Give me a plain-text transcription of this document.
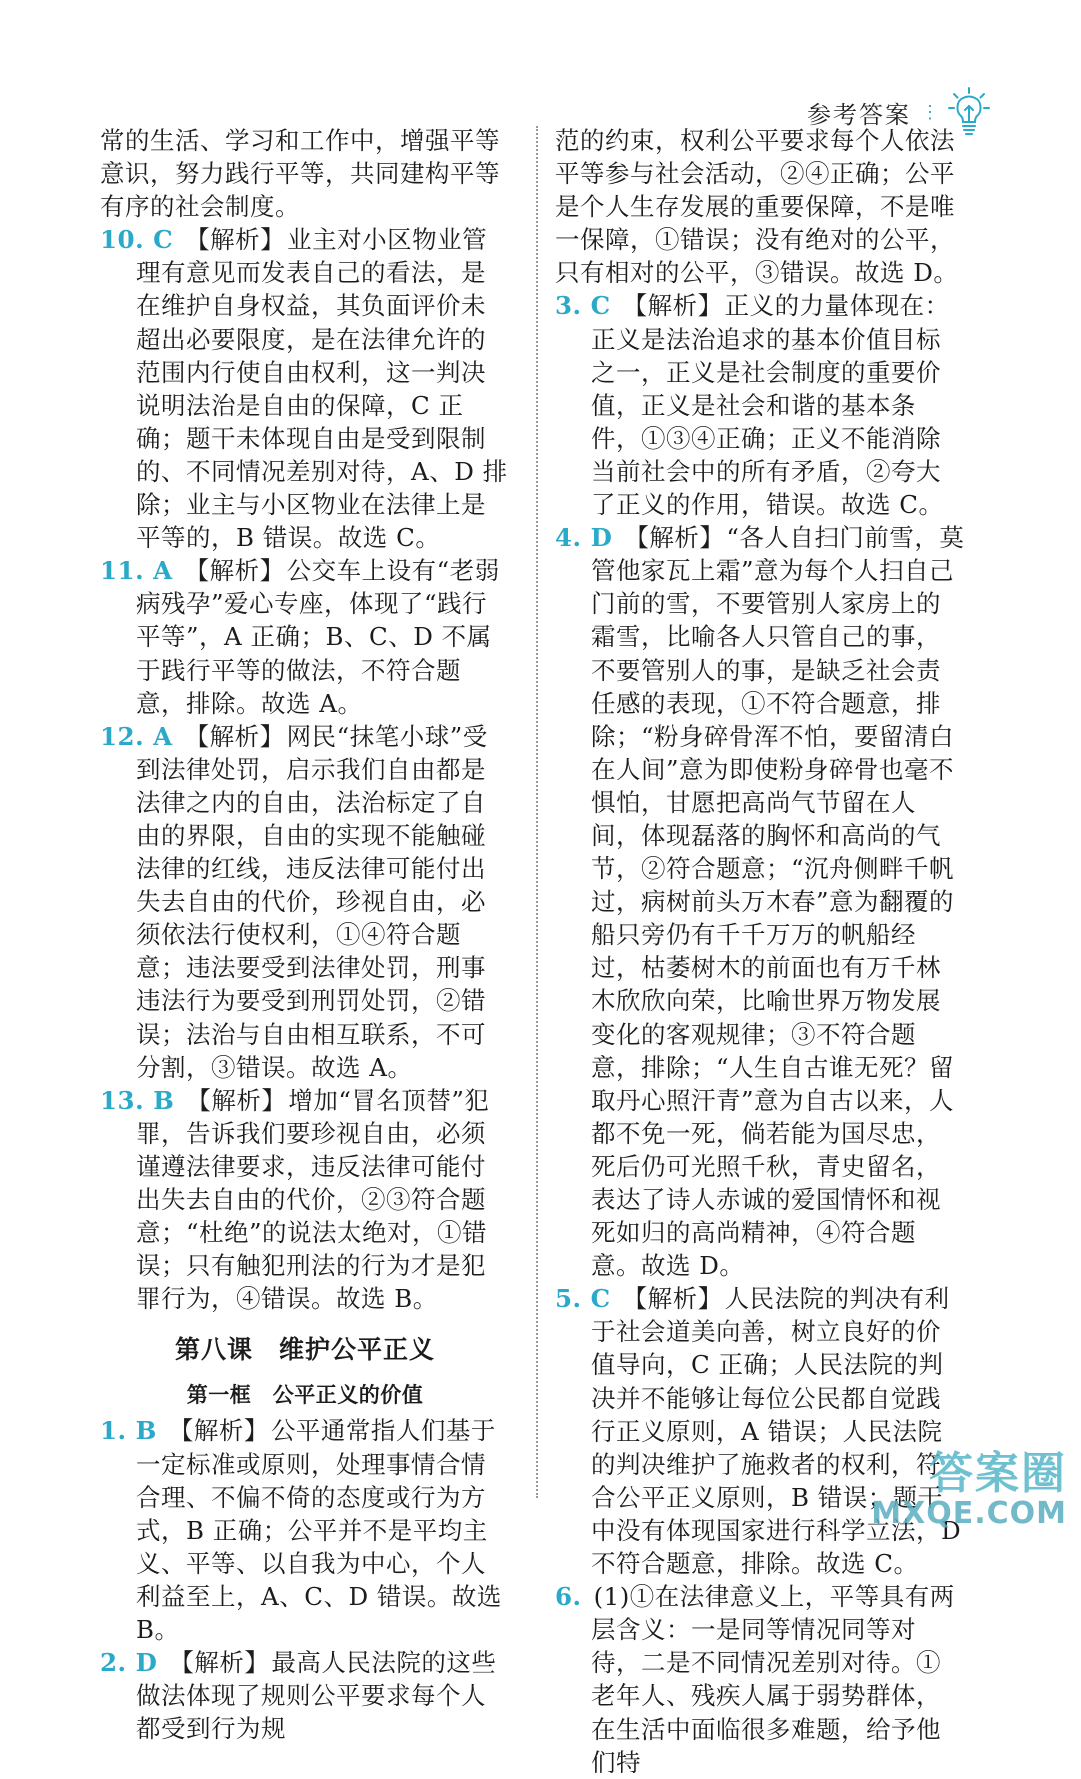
参考答案 ⋮

常的生活、学习和工作中，增强平等意识，努力践行平等，共同建构平等有序的社会制度。

10. C 【解析】业主对小区物业管理有意见而发表自己的看法，是在维护自身权益，其负面评价未超出必要限度，是在法律允许的范围内行使自由权利，这一判决说明法治是自由的保障，C 正确；题干未体现自由是受到限制的、不同情况差别对待，A、D 排除；业主与小区物业在法律上是平等的，B 错误。故选 C。

11. A 【解析】公交车上设有“老弱病残孕”爱心专座，体现了“践行平等”，A 正确；B、C、D 不属于践行平等的做法，不符合题意，排除。故选 A。

12. A 【解析】网民“抹笔小球”受到法律处罚，启示我们自由都是法律之内的自由，法治标定了自由的界限，自由的实现不能触碰法律的红线，违反法律可能付出失去自由的代价，珍视自由，必须依法行使权利，①④符合题意；违法要受到法律处罚，刑事违法行为要受到刑罚处罚，②错误；法治与自由相互联系，不可分割，③错误。故选 A。

13. B 【解析】增加“冒名顶替”犯罪，告诉我们要珍视自由，必须谨遵法律要求，违反法律可能付出失去自由的代价，②③符合题意；“杜绝”的说法太绝对，①错误；只有触犯刑法的行为才是犯罪行为，④错误。故选 B。

第八课　维护公平正义
第一框　公平正义的价值

1. B 【解析】公平通常指人们基于一定标准或原则，处理事情合情合理、不偏不倚的态度或行为方式，B 正确；公平并不是平均主义、平等、以自我为中心，个人利益至上，A、C、D 错误。故选 B。

2. D 【解析】最高人民法院的这些做法体现了规则公平要求每个人都受到行为规

范的约束，权利公平要求每个人依法平等参与社会活动，②④正确；公平是个人生存发展的重要保障，不是唯一保障，①错误；没有绝对的公平，只有相对的公平，③错误。故选 D。

3. C 【解析】正义的力量体现在：正义是法治追求的基本价值目标之一，正义是社会制度的重要价值，正义是社会和谐的基本条件，①③④正确；正义不能消除当前社会中的所有矛盾，②夸大了正义的作用，错误。故选 C。

4. D 【解析】“各人自扫门前雪，莫管他家瓦上霜”意为每个人扫自己门前的雪，不要管别人家房上的霜雪，比喻各人只管自己的事，不要管别人的事，是缺乏社会责任感的表现，①不符合题意，排除；“粉身碎骨浑不怕，要留清白在人间”意为即使粉身碎骨也毫不惧怕，甘愿把高尚气节留在人间，体现磊落的胸怀和高尚的气节，②符合题意；“沉舟侧畔千帆过，病树前头万木春”意为翻覆的船只旁仍有千千万万的帆船经过，枯萎树木的前面也有万千林木欣欣向荣，比喻世界万物发展变化的客观规律；③不符合题意，排除；“人生自古谁无死？留取丹心照汗青”意为自古以来，人都不免一死，倘若能为国尽忠，死后仍可光照千秋，青史留名，表达了诗人赤诚的爱国情怀和视死如归的高尚精神，④符合题意。故选 D。

5. C 【解析】人民法院的判决有利于社会道美向善，树立良好的价值导向，C 正确；人民法院的判决并不能够让每位公民都自觉践行正义原则，A 错误；人民法院的判决维护了施救者的权利，符合公平正义原则，B 错误；题干中没有体现国家进行科学立法，D 不符合题意，排除。故选 C。

6. (1)①在法律意义上，平等具有两层含义：一是同等情况同等对待，二是不同情况差别对待。①老年人、残疾人属于弱势群体，在生活中面临很多难题，给予他们特

答案圈
MXQE.COM
